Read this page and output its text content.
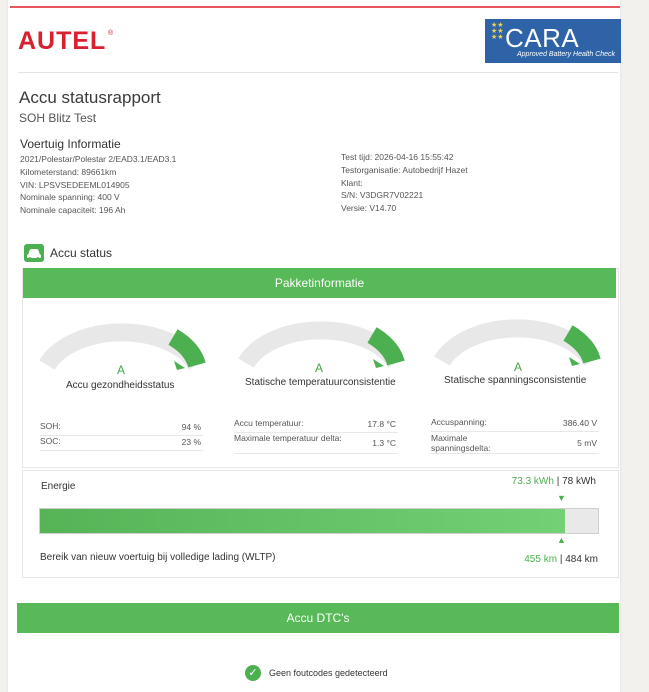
AUTEL ®
★★
★★
★★ CARA
Approved Battery Health Check
Accu statusrapport
SOH Blitz Test
Voertuig Informatie
2021/Polestar/Polestar 2/EAD3.1/EAD3.1
Kilometerstand: 89661km
VIN: LPSVSEDEEML014905
Nominale spanning: 400 V
Nominale capaciteit: 196 Ah
Test tijd: 2026-04-16 15:55:42
Testorganisatie: Autobedrijf Hazet
Klant:
S/N: V3DGR7V02221
Versie: V14.70
Accu status
Pakketinformatie
A
Accu gezondheidsstatus
A
Statische temperatuurconsistentie
A
Statische spanningsconsistentie
SOH:	94 %
SOC:	23 %
Accu temperatuur:	17.8 °C
Maximale temperatuur delta:	1.3 °C
Accuspanning:	386.40 V
Maximale spanningsdelta:	5 mV
Energie	73.3 kWh | 78 kWh
▼
▲
Bereik van nieuw voertuig bij volledige lading (WLTP)	455 km | 484 km
Accu DTC's
✓	Geen foutcodes gedetecteerd
